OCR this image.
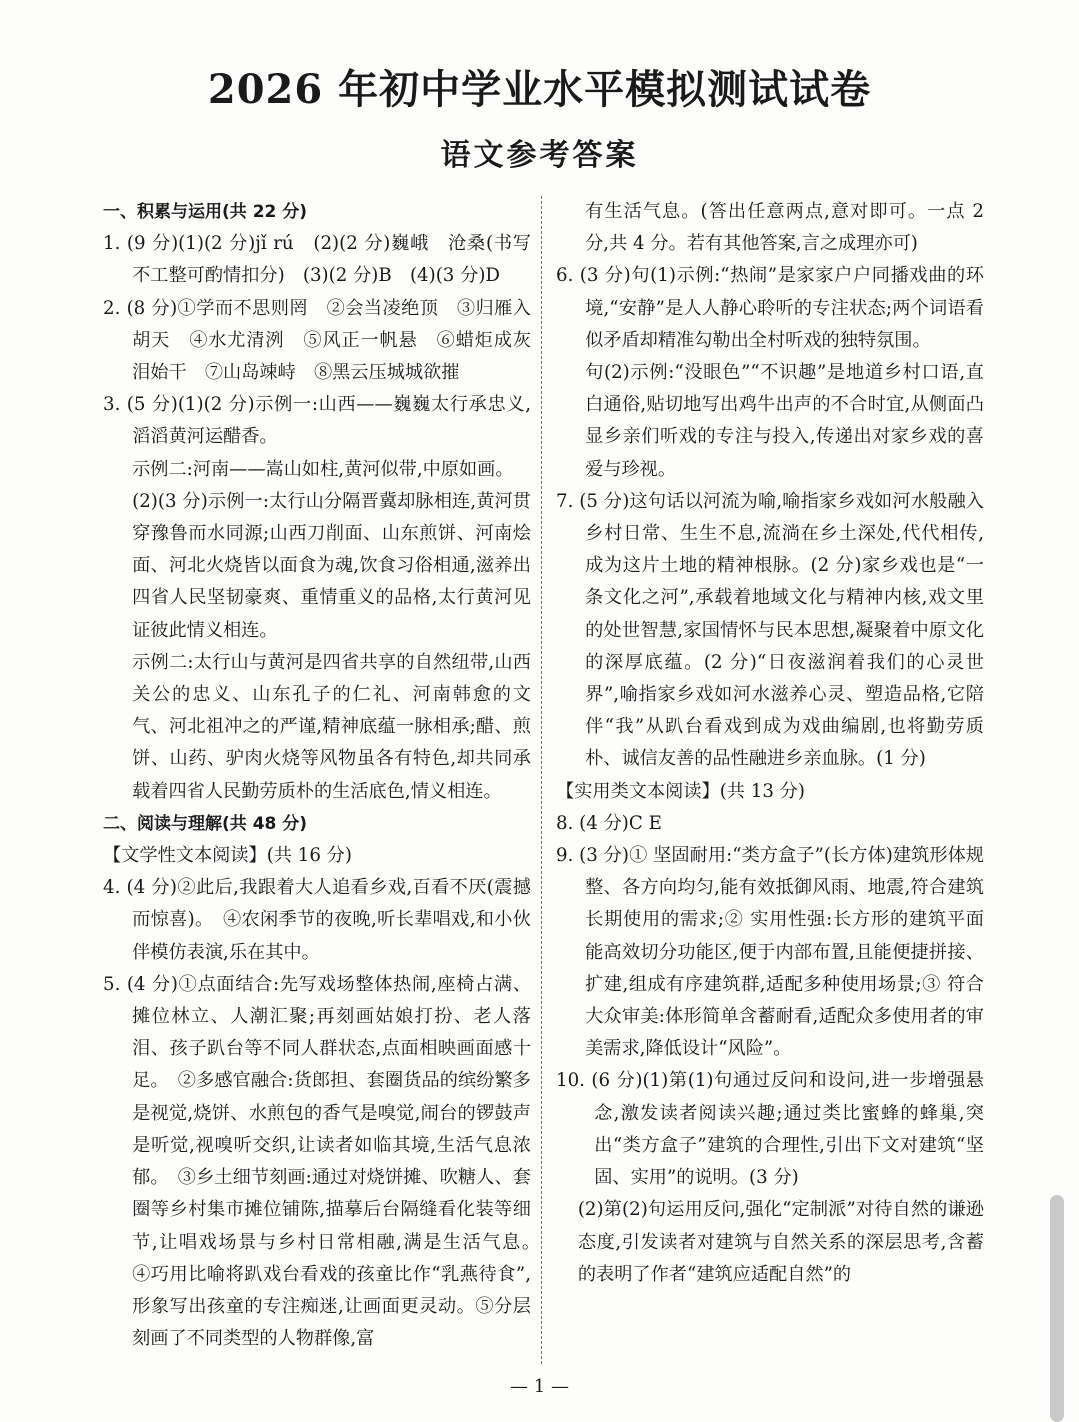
2026 年初中学业水平模拟测试试卷
语文参考答案
一、积累与运用(共 22 分)
1. (9 分)(1)(2 分)jǐ rú　(2)(2 分)巍峨　沧桑(书写不工整可酌情扣分)　(3)(2 分)B　(4)(3 分)D
2. (8 分)①学而不思则罔　②会当凌绝顶　③归雁入胡天　④水尤清洌　⑤风正一帆悬　⑥蜡炬成灰泪始干　⑦山岛竦峙　⑧黑云压城城欲摧
3. (5 分)(1)(2 分)示例一:山西——巍巍太行承忠义,滔滔黄河运醋香。
示例二:河南——嵩山如柱,黄河似带,中原如画。
(2)(3 分)示例一:太行山分隔晋冀却脉相连,黄河贯穿豫鲁而水同源;山西刀削面、山东煎饼、河南烩面、河北火烧皆以面食为魂,饮食习俗相通,滋养出四省人民坚韧豪爽、重情重义的品格,太行黄河见证彼此情义相连。
示例二:太行山与黄河是四省共享的自然纽带,山西关公的忠义、山东孔子的仁礼、河南韩愈的文气、河北祖冲之的严谨,精神底蕴一脉相承;醋、煎饼、山药、驴肉火烧等风物虽各有特色,却共同承载着四省人民勤劳质朴的生活底色,情义相连。
二、阅读与理解(共 48 分)
【文学性文本阅读】(共 16 分)
4. (4 分)②此后,我跟着大人追看乡戏,百看不厌(震撼而惊喜)。　④农闲季节的夜晚,听长辈唱戏,和小伙伴模仿表演,乐在其中。
5. (4 分)①点面结合:先写戏场整体热闹,座椅占满、摊位林立、人潮汇聚;再刻画姑娘打扮、老人落泪、孩子趴台等不同人群状态,点面相映画面感十足。　②多感官融合:货郎担、套圈货品的缤纷繁多是视觉,烧饼、水煎包的香气是嗅觉,闹台的锣鼓声是听觉,视嗅听交织,让读者如临其境,生活气息浓郁。　③乡土细节刻画:通过对烧饼摊、吹糖人、套圈等乡村集市摊位铺陈,描摹后台隔缝看化装等细节,让唱戏场景与乡村日常相融,满是生活气息。　④巧用比喻将趴戏台看戏的孩童比作“乳燕待食”,形象写出孩童的专注痴迷,让画面更灵动。⑤分层刻画了不同类型的人物群像,富
有生活气息。(答出任意两点,意对即可。一点 2 分,共 4 分。若有其他答案,言之成理亦可)
6. (3 分)句(1)示例:“热闹”是家家户户同播戏曲的环境,“安静”是人人静心聆听的专注状态;两个词语看似矛盾却精准勾勒出全村听戏的独特氛围。
句(2)示例:“没眼色”“不识趣”是地道乡村口语,直白通俗,贴切地写出鸡牛出声的不合时宜,从侧面凸显乡亲们听戏的专注与投入,传递出对家乡戏的喜爱与珍视。
7. (5 分)这句话以河流为喻,喻指家乡戏如河水般融入乡村日常、生生不息,流淌在乡土深处,代代相传,成为这片土地的精神根脉。(2 分)家乡戏也是“一条文化之河”,承载着地域文化与精神内核,戏文里的处世智慧,家国情怀与民本思想,凝聚着中原文化的深厚底蕴。(2 分)“日夜滋润着我们的心灵世界”,喻指家乡戏如河水滋养心灵、塑造品格,它陪伴“我”从趴台看戏到成为戏曲编剧,也将勤劳质朴、诚信友善的品性融进乡亲血脉。(1 分)
【实用类文本阅读】(共 13 分)
8. (4 分)C E
9. (3 分)① 坚固耐用:“类方盒子”(长方体)建筑形体规整、各方向均匀,能有效抵御风雨、地震,符合建筑长期使用的需求;② 实用性强:长方形的建筑平面能高效切分功能区,便于内部布置,且能便捷拼接、扩建,组成有序建筑群,适配多种使用场景;③ 符合大众审美:体形简单含蓄耐看,适配众多使用者的审美需求,降低设计“风险”。
10. (6 分)(1)第(1)句通过反问和设问,进一步增强悬念,激发读者阅读兴趣;通过类比蜜蜂的蜂巢,突出“类方盒子”建筑的合理性,引出下文对建筑“坚固、实用”的说明。(3 分)
(2)第(2)句运用反问,强化“定制派”对待自然的谦逊态度,引发读者对建筑与自然关系的深层思考,含蓄的表明了作者“建筑应适配自然”的
— 1 —
